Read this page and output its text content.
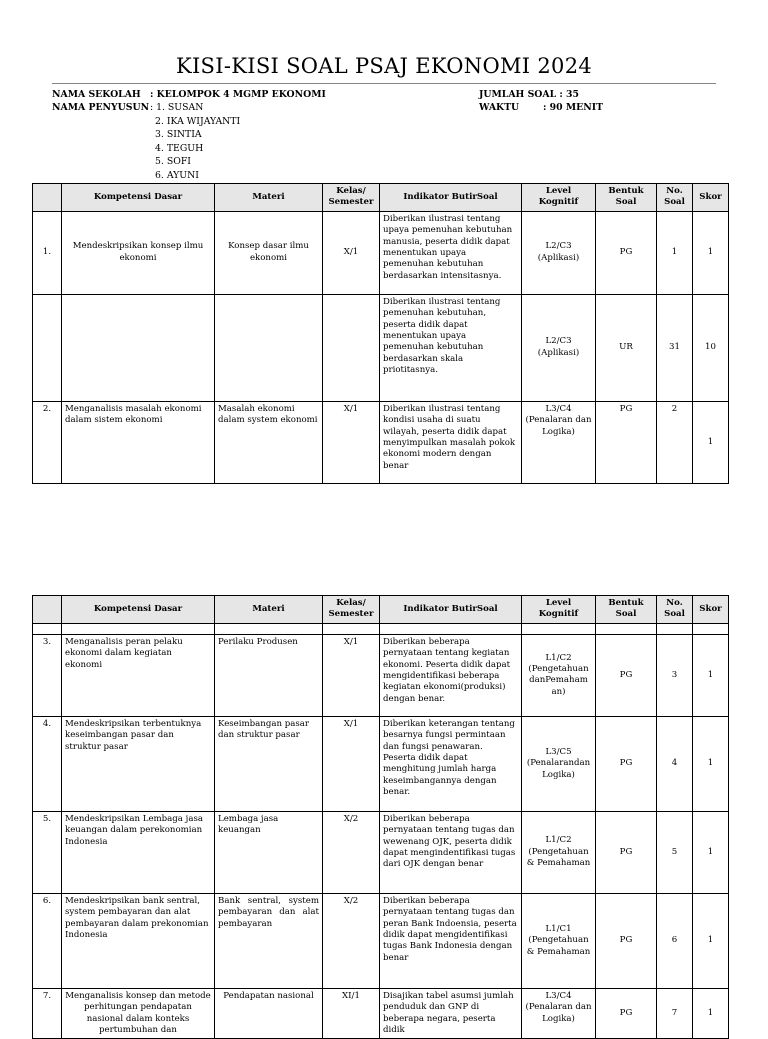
KISI-KISI SOAL PSAJ EKONOMI 2024
NAMA SEKOLAH : KELOMPOK 4 MGMP EKONOMI
NAMA PENYUSUN : 1. SUSAN
2. IKA WIJAYANTI
3. SINTIA
4. TEGUH
5. SOFI
6. AYUNI
JUMLAH SOAL : 35
WAKTU	: 90 MENIT
	Kompetensi Dasar	Materi	Kelas/ Semester	Indikator ButirSoal	Level Kognitif	Bentuk Soal	No. Soal	Skor
1.	Mendeskripsikan konsep ilmu ekonomi	Konsep dasar ilmu ekonomi	X/1	Diberikan ilustrasi tentang upaya pemenuhan kebutuhan manusia, peserta didik dapat menentukan upaya pemenuhan kebutuhan berdasarkan intensitasnya.	L2/C3 (Aplikasi)	PG	1	1
				Diberikan ilustrasi tentang pemenuhan kebutuhan, peserta didik dapat menentukan upaya pemenuhan kebutuhan berdasarkan skala priotitasnya.	L2/C3 (Aplikasi)	UR	31	10
2.	Menganalisis masalah ekonomi dalam sistem ekonomi	Masalah ekonomi dalam system ekonomi	X/1	Diberikan ilustrasi tentang kondisi usaha di suatu wilayah, peserta didik dapat menyimpulkan masalah pokok ekonomi modern dengan benar	L3/C4 (Penalaran dan Logika)	PG	2	1
	Kompetensi Dasar	Materi	Kelas/ Semester	Indikator ButirSoal	Level Kognitif	Bentuk Soal	No. Soal	Skor

3.	Menganalisis peran pelaku ekonomi dalam kegiatan ekonomi	Perilaku Produsen	X/1	Diberikan beberapa pernyataan tentang kegiatan ekonomi. Peserta didik dapat mengidentifikasi beberapa kegiatan ekonomi(produksi) dengan benar.	L1/C2 (Pengetahuan danPemaham an)	PG	3	1
4.	Mendeskripsikan terbentuknya keseimbangan pasar dan struktur pasar	Keseimbangan pasar dan struktur pasar	X/1	Diberikan keterangan tentang besarnya fungsi permintaan dan fungsi penawaran. Peserta didik dapat menghitung jumlah harga keseimbangannya dengan benar.	L3/C5 (Penalarandan Logika)	PG	4	1
5.	Mendeskripsikan Lembaga jasa keuangan dalam perekonomian Indonesia	Lembaga jasa keuangan	X/2	Diberikan beberapa pernyataan tentang tugas dan wewenang OJK, peserta didik dapat mengindentifikasi tugas dari OJK dengan benar	L1/C2 (Pengetahuan & Pemahaman	PG	5	1
6.	Mendeskripsikan bank sentral, system pembayaran dan alat pembayaran dalam prekonomian Indonesia	Bank sentral, system pembayaran dan alat pembayaran	X/2	Diberikan beberapa pernyataan tentang tugas dan peran Bank Indoensia, peserta didik dapat mengidentifikasi tugas Bank Indonesia dengan benar	L1/C1 (Pengetahuan & Pemahaman	PG	6	1
7.	Menganalisis konsep dan metode perhitungan pendapatan nasional dalam konteks pertumbuhan dan	Pendapatan nasional	XI/1	Disajikan tabel asumsi jumlah penduduk dan GNP di beberapa negara, peserta didik	L3/C4 (Penalaran dan Logika)	PG	7	1
